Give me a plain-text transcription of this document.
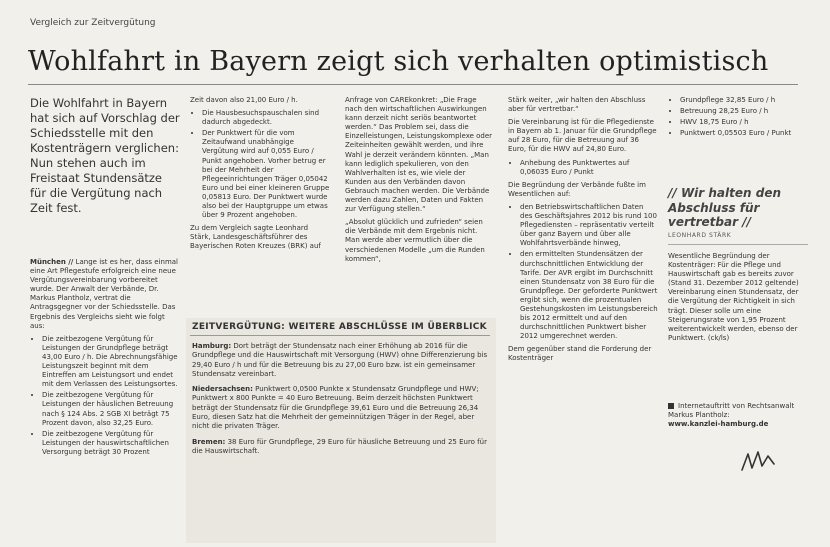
Vergleich zur Zeitvergütung
Wohlfahrt in Bayern zeigt sich verhalten optimistisch
Die Wohlfahrt in Bayern hat sich auf Vorschlag der Schiedsstelle mit den Kostenträgern verglichen: Nun stehen auch im Freistaat Stundensätze für die Vergütung nach Zeit fest.

München // Lange ist es her, dass einmal eine Art Pflegestufe erfolgreich eine neue Vergütungsvereinbarung vorbereitet wurde. Der Anwalt der Verbände, Dr. Markus Plantholz, vertrat die Antragsgegner vor der Schiedsstelle. Das Ergebnis des Vergleichs sieht wie folgt aus:

• Die zeitbezogene Vergütung für Leistungen der Grundpflege beträgt 43,00 Euro / h. Die Abrechnungsfähige Leistungszeit beginnt mit dem Eintreffen am Leistungsort und endet mit dem Verlassen des Leistungsortes.
• Die zeitbezogene Vergütung für Leistungen der häuslichen Betreuung nach § 124 Abs. 2 SGB XI beträgt 75 Prozent davon, also 32,25 Euro.
• Die zeitbezogene Vergütung für Leistungen der hauswirtschaftlichen Versorgung beträgt 30 Prozent

Zeit davon also 21,00 Euro / h.

• Die Hausbesuchspauschalen sind dadurch abgedeckt.
• Der Punktwert für die vom Zeitaufwand unabhängige Vergütung wird auf 0,055 Euro / Punkt angehoben. Vorher betrug er bei der Mehrheit der Pflegeeinrichtungen Träger 0,05042 Euro und bei einer kleineren Gruppe 0,05813 Euro. Der Punktwert wurde also bei der Hauptgruppe um etwas über 9 Prozent angehoben.

Zu dem Vergleich sagte Leonhard Stärk, Landesgeschäftsführer des Bayerischen Roten Kreuzes (BRK) auf

Anfrage von CAREkonkret: „Die Frage nach den wirtschaftlichen Auswirkungen kann derzeit nicht seriös beantwortet werden.“ Das Problem sei, dass die Einzelleistungen, Leistungskomplexe oder Zeiteinheiten gewählt werden, und ihre Wahl je derzeit verändern könnten. „Man kann lediglich spekulieren, von den Wahlverhalten ist es, wie viele der Kunden aus den Verbänden davon Gebrauch machen werden. Die Verbände werden dazu Zahlen, Daten und Fakten zur Verfügung stellen.“

„Absolut glücklich und zufrieden“ seien die Verbände mit dem Ergebnis nicht. Man werde aber vermutlich über die verschiedenen Modelle „um die Runden kommen“,

ZEITVERGÜTUNG: WEITERE ABSCHLÜSSE IM ÜBERBLICK

Hamburg: Dort beträgt der Stundensatz nach einer Erhöhung ab 2016 für die Grundpflege und die Hauswirtschaft mit Versorgung (HWV) ohne Differenzierung bis 29,40 Euro / h und für die Betreuung bis zu 27,00 Euro bzw. ist ein gemeinsamer Stundensatz vereinbart.

Niedersachsen: Punktwert 0,0500 Punkte x Stundensatz Grundpflege und HWV; Punktwert x 800 Punkte = 40 Euro Betreuung. Beim derzeit höchsten Punktwert beträgt der Stundensatz für die Grundpflege 39,61 Euro und die Betreuung 26,34 Euro, diesen Satz hat die Mehrheit der gemeinnützigen Träger in der Regel, aber nicht die privaten Träger.

Bremen: 38 Euro für Grundpflege, 29 Euro für häusliche Betreuung und 25 Euro für die Hauswirtschaft.

Stärk weiter, „wir halten den Abschluss aber für vertretbar.“

Die Vereinbarung ist für die Pflegedienste in Bayern ab 1. Januar für die Grundpflege auf 28 Euro, für die Betreuung auf 36 Euro, für die HWV auf 24,80 Euro.

• Anhebung des Punktwertes auf 0,06035 Euro / Punkt

Die Begründung der Verbände fußte im Wesentlichen auf:

• den Betriebswirtschaftlichen Daten des Geschäftsjahres 2012 bis rund 100 Pflegediensten – repräsentativ verteilt über ganz Bayern und über alle Wohlfahrtsverbände hinweg,
• den ermittelten Stundensätzen der durchschnittlichen Entwicklung der Tarife. Der AVR ergibt im Durchschnitt einen Stundensatz von 38 Euro für die Grundpflege. Der geforderte Punktwert ergibt sich, wenn die prozentualen Gestehungskosten im Leistungsbereich bis 2012 ermittelt und auf den durchschnittlichen Punktwert bisher 2012 umgerechnet werden.

Dem gegenüber stand die Forderung der Kostenträger

• Grundpflege 32,85 Euro / h
• Betreuung 28,25 Euro / h
• HWV 18,75 Euro / h
• Punktwert 0,05503 Euro / Punkt
// Wir halten den Abschluss für vertretbar //
LEONHARD STÄRK

Wesentliche Begründung der Kostenträger: Für die Pflege und Hauswirtschaft gab es bereits zuvor (Stand 31. Dezember 2012 geltende) Vereinbarung einen Stundensatz, der die Vergütung der Richtigkeit in sich trägt. Dieser solle um eine Steigerungsrate von 1,95 Prozent weiterentwickelt werden, ebenso der Punktwert. (ck/ls)

Internetauftritt von Rechtsanwalt Markus Plantholz:
www.kanzlei-hamburg.de
